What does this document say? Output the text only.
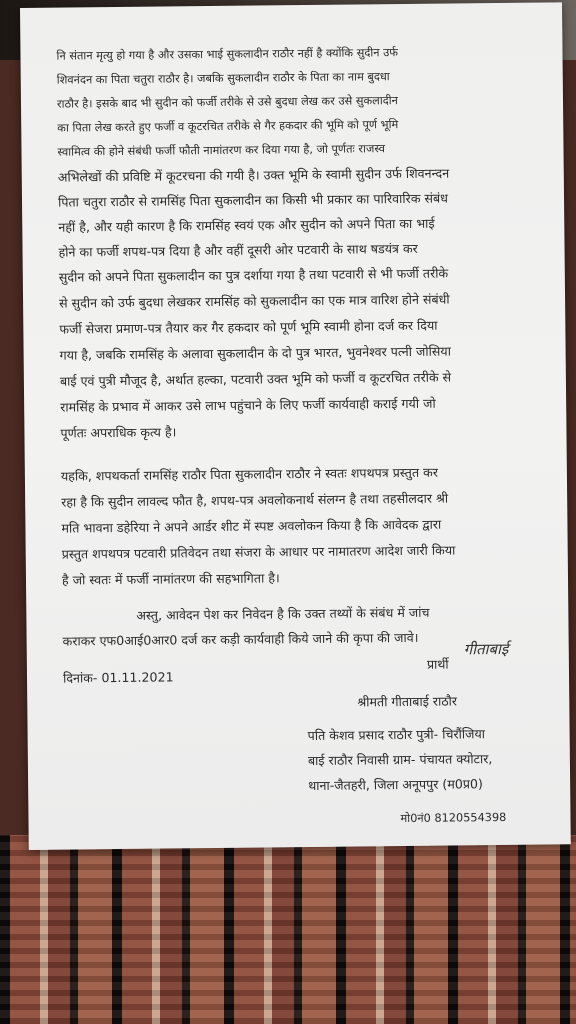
नि संतान मृत्यु हो गया है और उसका भाई सुकलादीन राठौर नहीं है क्योंकि सुदीन उर्फ
शिवनंदन का पिता चतुरा राठौर है। जबकि सुकलादीन राठौर के पिता का नाम बुदधा
राठौर है। इसके बाद भी सुदीन को फर्जी तरीके से उसे बुदधा लेख कर उसे सुकलादीन
का पिता लेख करते हुए फर्जी व कूटरचित तरीके से गैर हकदार की भूमि को पूर्ण भूमि
स्वामित्व की होने संबंधी फर्जी फौती नामांतरण कर दिया गया है, जो पूर्णतः राजस्व
अभिलेखों की प्रविष्टि में कूटरचना की गयी है। उक्त भूमि के स्वामी सुदीन उर्फ शिवनन्दन
पिता चतुरा राठौर से रामसिंह पिता सुकलादीन का किसी भी प्रकार का पारिवारिक संबंध
नहीं है, और यही कारण है कि रामसिंह स्वयं एक और सुदीन को अपने पिता का भाई
होने का फर्जी शपथ-पत्र दिया है और वहीं दूसरी ओर पटवारी के साथ षडयंत्र कर
सुदीन को अपने पिता सुकलादीन का पुत्र दर्शाया गया है तथा पटवारी से भी फर्जी तरीके
से सुदीन को उर्फ बुदधा लेखकर रामसिंह को सुकलादीन का एक मात्र वारिश होने संबंधी
फर्जी सेजरा प्रमाण-पत्र तैयार कर गैर हकदार को पूर्ण भूमि स्वामी होना दर्ज कर दिया
गया है, जबकि रामसिंह के अलावा सुकलादीन के दो पुत्र भारत, भुवनेश्वर पत्नी जोसिया
बाई एवं पुत्री मौजूद है, अर्थात हल्का, पटवारी उक्त भूमि को फर्जी व कूटरचित तरीके से
रामसिंह के प्रभाव में आकर उसे लाभ पहुंचाने के लिए फर्जी कार्यवाही कराई गयी जो
पूर्णतः अपराधिक कृत्य है।
यहकि, शपथकर्ता रामसिंह राठौर पिता सुकलादीन राठौर ने स्वतः शपथपत्र प्रस्तुत कर
रहा है कि सुदीन लावल्द फौत है, शपथ-पत्र अवलोकनार्थ संलग्न है तथा तहसीलदार श्री
मति भावना डहेरिया ने अपने आर्डर शीट में स्पष्ट अवलोकन किया है कि आवेदक द्वारा
प्रस्तुत शपथपत्र पटवारी प्रतिवेदन तथा संजरा के आधार पर नामातरण आदेश जारी किया
है जो स्वतः में फर्जी नामांतरण की सहभागिता है।
अस्तु, आवेदन पेश कर निवेदन है कि उक्त तथ्यों के संबंध में जांच
कराकर एफ0आई0आर0 दर्ज कर कड़ी कार्यवाही किये जाने की कृपा की जावे।
गीताबाई
प्रार्थी
दिनांक- 01.11.2021
श्रीमती गीताबाई राठौर
पति केशव प्रसाद राठौर पुत्री- चिरौंजिया
बाई राठौर निवासी ग्राम- पंचायत क्योटार,
थाना-जैतहरी, जिला अनूपपुर (म0प्र0)
मो0नं0 8120554398
